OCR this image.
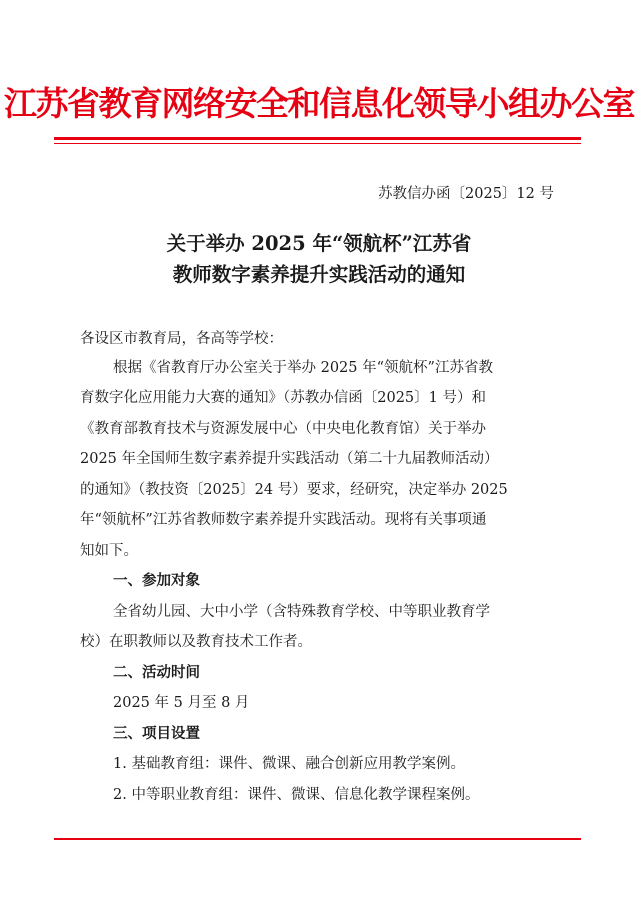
江苏省教育网络安全和信息化领导小组办公室
苏教信办函〔2025〕12 号
关于举办 2025 年“领航杯”江苏省
教师数字素养提升实践活动的通知
各设区市教育局，各高等学校：
根据《省教育厅办公室关于举办 2025 年“领航杯”江苏省教
育数字化应用能力大赛的通知》（苏教办信函〔2025〕1 号）和
《教育部教育技术与资源发展中心（中央电化教育馆）关于举办
2025 年全国师生数字素养提升实践活动（第二十九届教师活动）
的通知》（教技资〔2025〕24 号）要求，经研究，决定举办 2025
年“领航杯”江苏省教师数字素养提升实践活动。现将有关事项通
知如下。
一、参加对象
全省幼儿园、大中小学（含特殊教育学校、中等职业教育学
校）在职教师以及教育技术工作者。
二、活动时间
2025 年 5 月至 8 月
三、项目设置
1. 基础教育组：课件、微课、融合创新应用教学案例。
2. 中等职业教育组：课件、微课、信息化教学课程案例。
